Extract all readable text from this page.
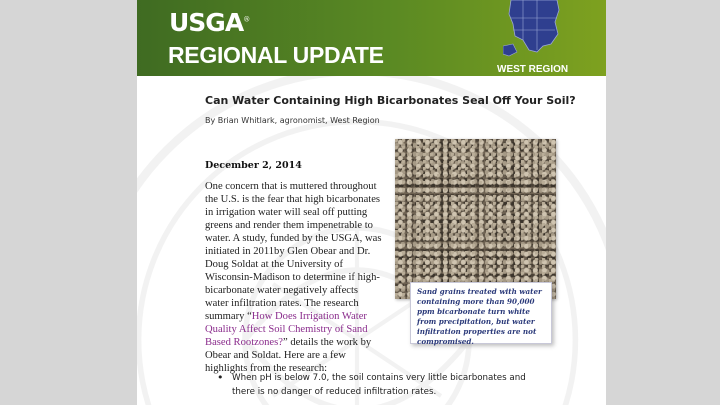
USGA®
REGIONAL UPDATE
WEST REGION
Can Water Containing High Bicarbonates Seal Off Your Soil?
By Brian Whitlark, agronomist, West Region
December 2, 2014
One concern that is muttered throughout the U.S. is the fear that high bicarbonates in irrigation water will seal off putting greens and render them impenetrable to water. A study, funded by the USGA, was initiated in 2011by Glen Obear and Dr. Doug Soldat at the University of Wisconsin-Madison to determine if high-bicarbonate water negatively affects water infiltration rates. The research summary “How Does Irrigation Water Quality Affect Soil Chemistry of Sand Based Rootzones?” details the work by Obear and Soldat. Here are a few highlights from the research:
Sand grains treated with water containing more than 90,000 ppm bicarbonate turn white from precipitation, but water infiltration properties are not compromised.
• When pH is below 7.0, the soil contains very little bicarbonates and there is no danger of reduced infiltration rates.
